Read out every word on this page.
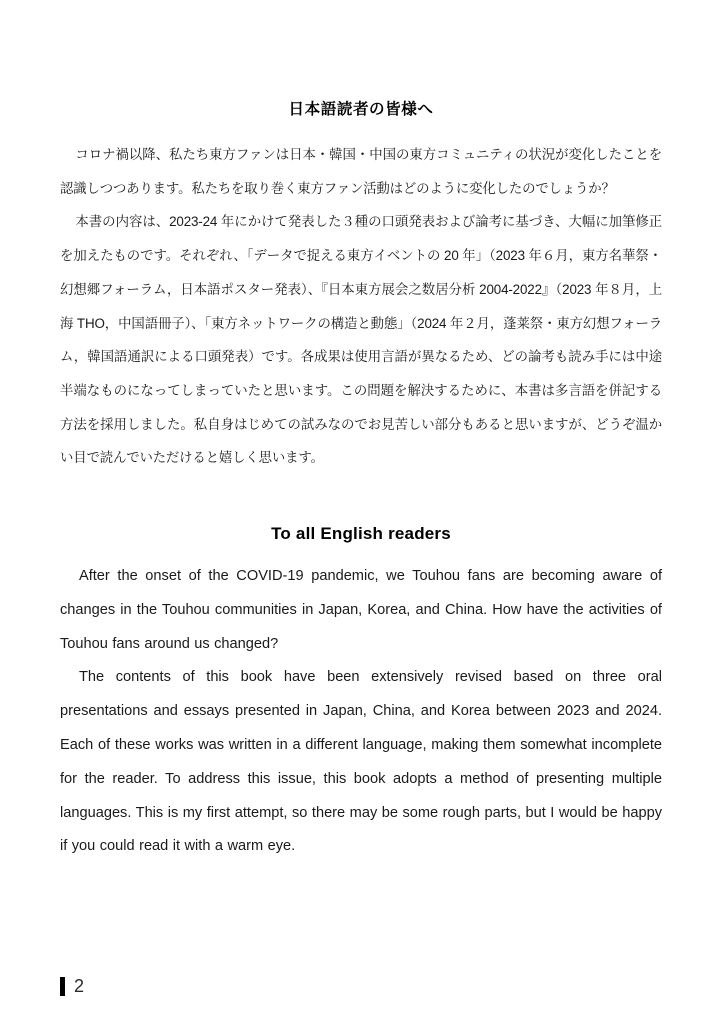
日本語読者の皆様へ

コロナ禍以降、私たち東方ファンは日本・韓国・中国の東方コミュニティの状況が変化したことを認識しつつあります。私たちを取り巻く東方ファン活動はどのように変化したのでしょうか？

本書の内容は、2023-24 年にかけて発表した３種の口頭発表および論考に基づき、大幅に加筆修正を加えたものです。それぞれ、「データで捉える東方イベントの 20 年」（2023 年６月，東方名華祭・幻想郷フォーラム，日本語ポスター発表）、『日本東方展会之数居分析 2004-2022』（2023 年８月，上海 THO，中国語冊子）、「東方ネットワークの構造と動態」（2024 年２月，蓬莱祭・東方幻想フォーラム，韓国語通訳による口頭発表）です。各成果は使用言語が異なるため、どの論考も読み手には中途半端なものになってしまっていたと思います。この問題を解決するために、本書は多言語を併記する方法を採用しました。私自身はじめての試みなのでお見苦しい部分もあると思いますが、どうぞ温かい目で読んでいただけると嬉しく思います。

To all English readers

After the onset of the COVID-19 pandemic, we Touhou fans are becoming aware of changes in the Touhou communities in Japan, Korea, and China. How have the activities of Touhou fans around us changed?

The contents of this book have been extensively revised based on three oral presentations and essays presented in Japan, China, and Korea between 2023 and 2024. Each of these works was written in a different language, making them somewhat incomplete for the reader. To address this issue, this book adopts a method of presenting multiple languages. This is my first attempt, so there may be some rough parts, but I would be happy if you could read it with a warm eye.

2
